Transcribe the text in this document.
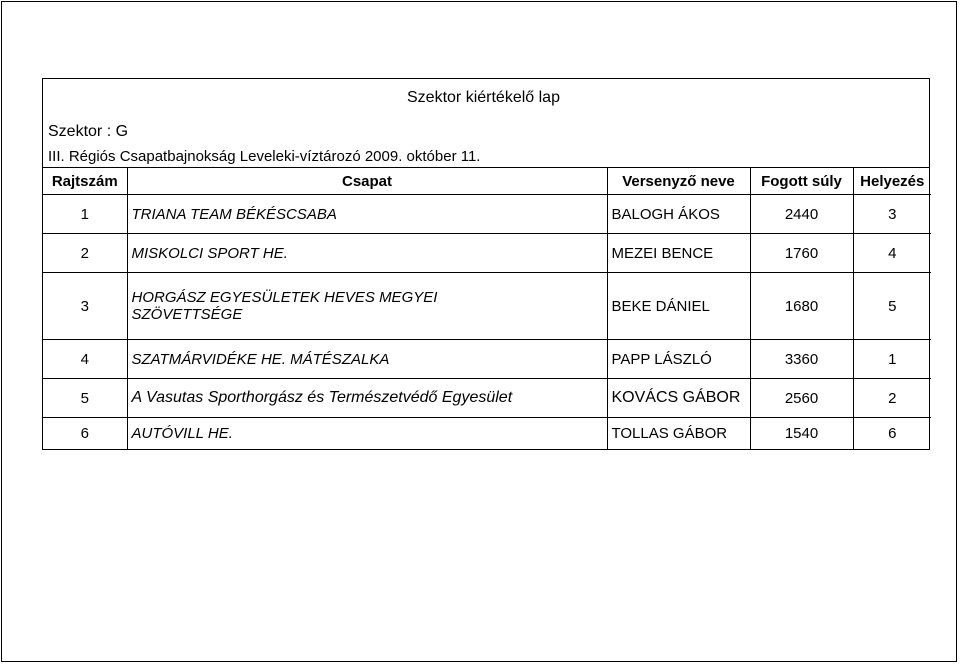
Szektor kiértékelő lap
Szektor : G
III. Régiós Csapatbajnokság Leveleki-víztározó 2009. október 11.
Rajtszám	Csapat	Versenyző neve	Fogott súly	Helyezés
1	TRIANA TEAM BÉKÉSCSABA	BALOGH ÁKOS	2440	3
2	MISKOLCI SPORT HE.	MEZEI BENCE	1760	4
3	HORGÁSZ EGYESÜLETEK HEVES MEGYEI SZÖVETTSÉGE	BEKE DÁNIEL	1680	5
4	SZATMÁRVIDÉKE HE. MÁTÉSZALKA	PAPP LÁSZLÓ	3360	1
5	A Vasutas Sporthorgász és Természetvédő Egyesület	KOVÁCS GÁBOR	2560	2
6	AUTÓVILL HE.	TOLLAS GÁBOR	1540	6
